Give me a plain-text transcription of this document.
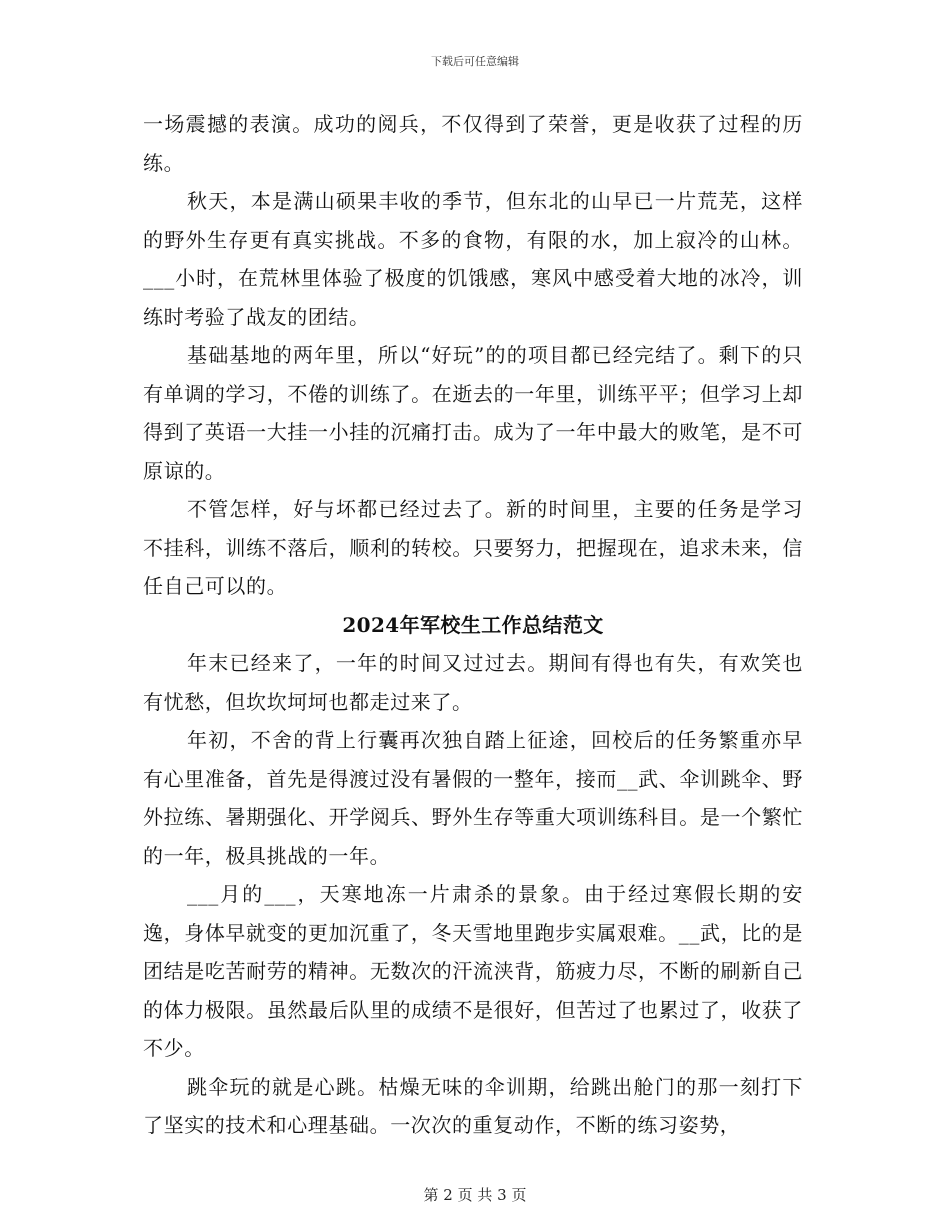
下载后可任意编辑

一场震撼的表演。成功的阅兵，不仅得到了荣誉，更是收获了过程的历练。

秋天，本是满山硕果丰收的季节，但东北的山早已一片荒芜，这样的野外生存更有真实挑战。不多的食物，有限的水，加上寂冷的山林。___小时，在荒林里体验了极度的饥饿感，寒风中感受着大地的冰冷，训练时考验了战友的团结。

基础基地的两年里，所以“好玩”的的项目都已经完结了。剩下的只有单调的学习，不倦的训练了。在逝去的一年里，训练平平；但学习上却得到了英语一大挂一小挂的沉痛打击。成为了一年中最大的败笔，是不可原谅的。

不管怎样，好与坏都已经过去了。新的时间里，主要的任务是学习不挂科，训练不落后，顺利的转校。只要努力，把握现在，追求未来，信任自己可以的。

2024年军校生工作总结范文

年末已经来了，一年的时间又过过去。期间有得也有失，有欢笑也有忧愁，但坎坎坷坷也都走过来了。

年初，不舍的背上行囊再次独自踏上征途，回校后的任务繁重亦早有心里准备，首先是得渡过没有暑假的一整年，接而__武、伞训跳伞、野外拉练、暑期强化、开学阅兵、野外生存等重大项训练科目。是一个繁忙的一年，极具挑战的一年。

___月的___，天寒地冻一片肃杀的景象。由于经过寒假长期的安逸，身体早就变的更加沉重了，冬天雪地里跑步实属艰难。__武，比的是团结是吃苦耐劳的精神。无数次的汗流浃背，筋疲力尽，不断的刷新自己的体力极限。虽然最后队里的成绩不是很好，但苦过了也累过了，收获了不少。

跳伞玩的就是心跳。枯燥无味的伞训期，给跳出舱门的那一刻打下了坚实的技术和心理基础。一次次的重复动作，不断的练习姿势，

第 2 页 共 3 页
